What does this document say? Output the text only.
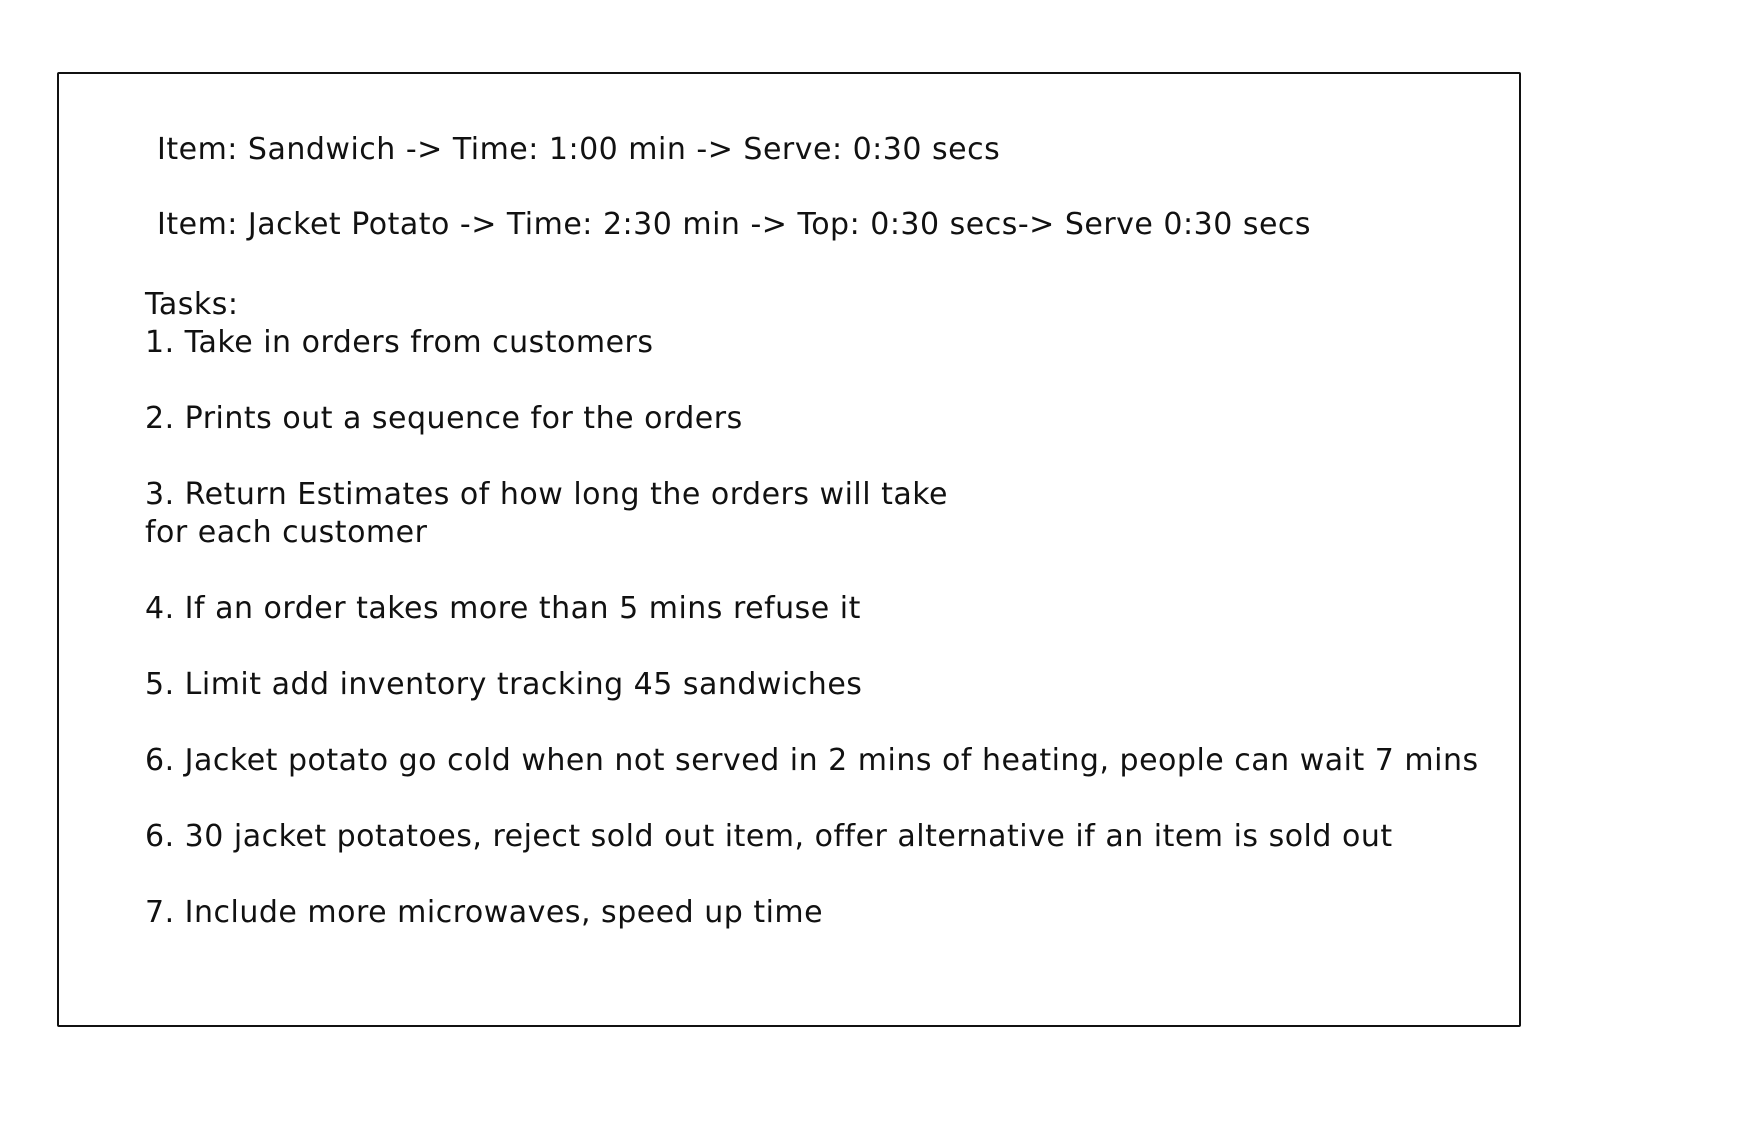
Item: Sandwich -> Time: 1:00 min -> Serve: 0:30 secs
Item: Jacket Potato -> Time: 2:30 min -> Top: 0:30 secs-> Serve 0:30 secs
Tasks:
1. Take in orders from customers
2. Prints out a sequence for the orders
3. Return Estimates of how long the orders will take
for each customer
4. If an order takes more than 5 mins refuse it
5. Limit add inventory tracking 45 sandwiches
6. Jacket potato go cold when not served in 2 mins of heating, people can wait 7 mins
6. 30 jacket potatoes, reject sold out item, offer alternative if an item is sold out
7. Include more microwaves, speed up time
